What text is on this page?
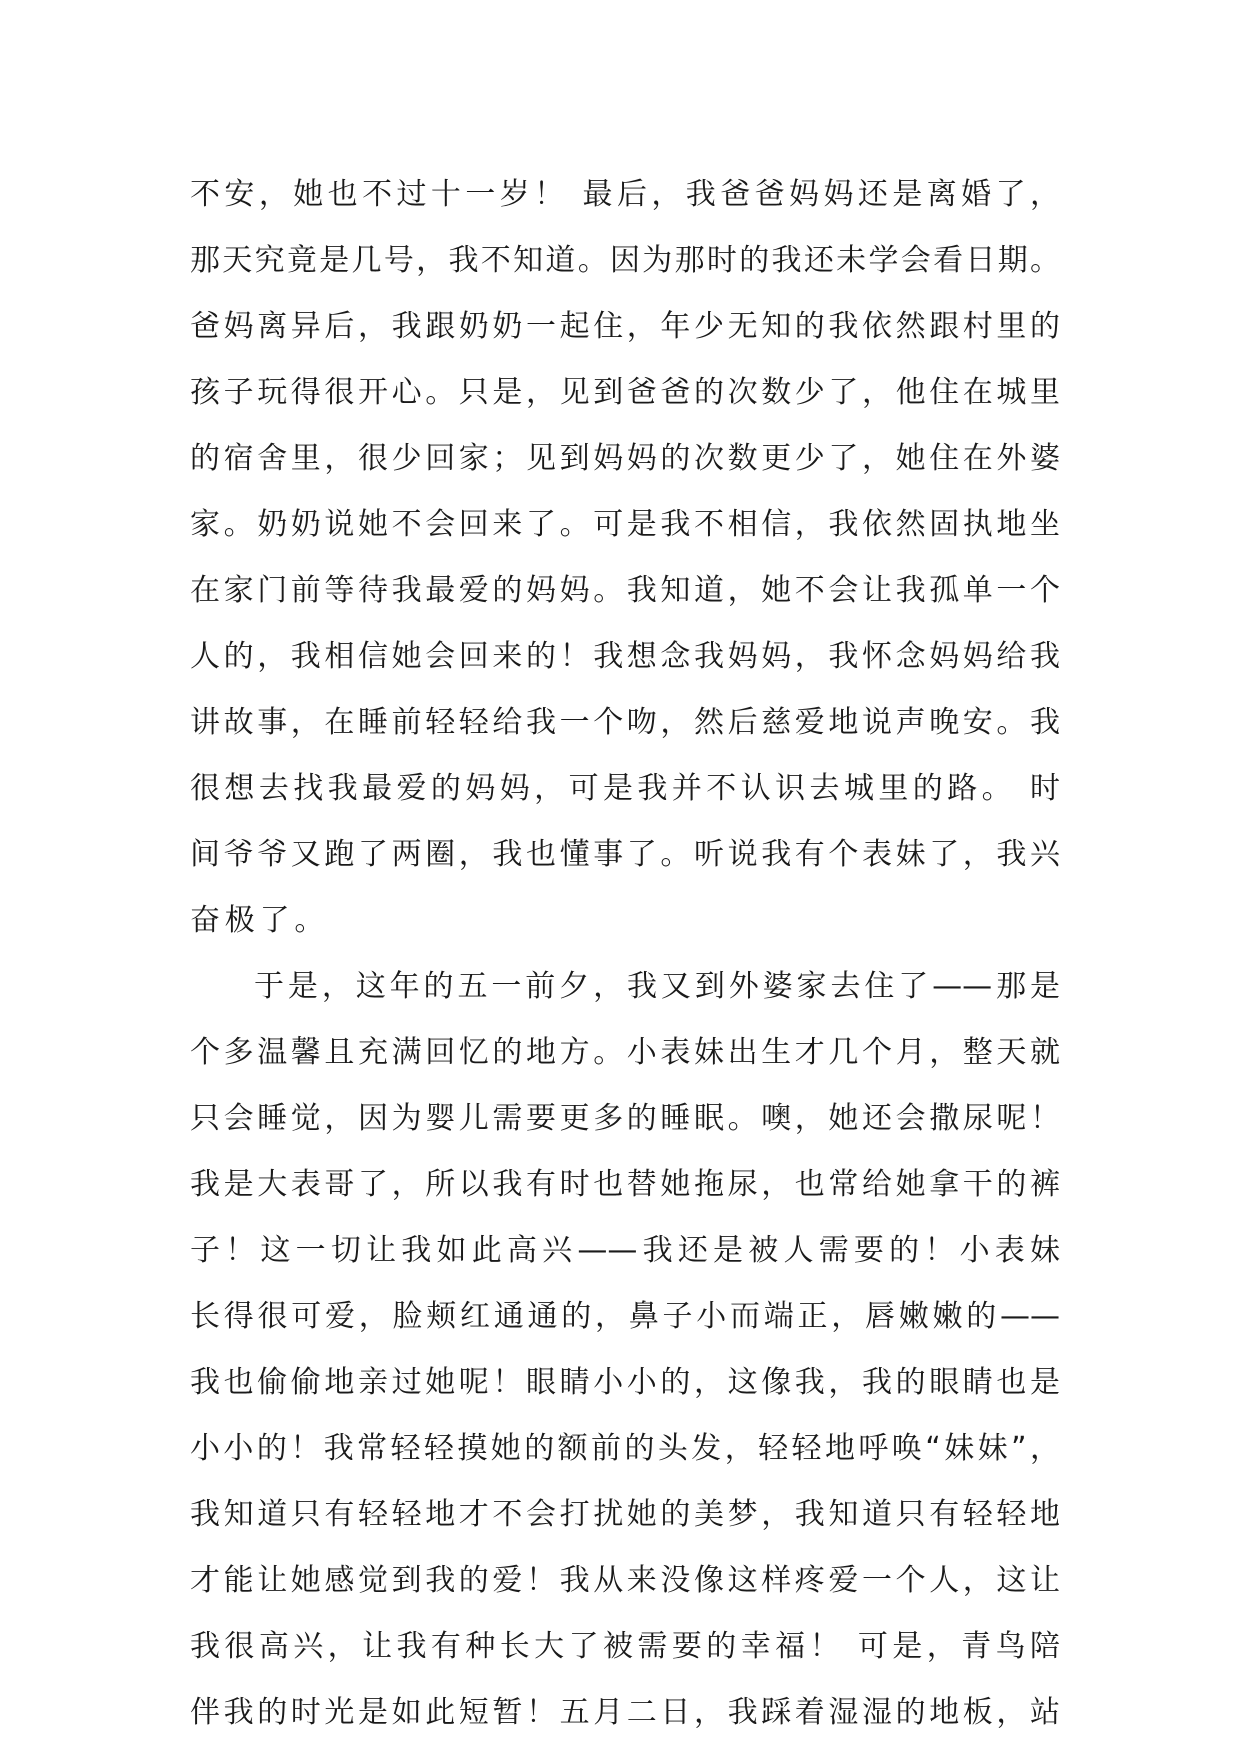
不安，她也不过十一岁！ 最后，我爸爸妈妈还是离婚了，
那天究竟是几号，我不知道。因为那时的我还未学会看日期。
爸妈离异后，我跟奶奶一起住，年少无知的我依然跟村里的
孩子玩得很开心。只是，见到爸爸的次数少了，他住在城里
的宿舍里，很少回家；见到妈妈的次数更少了，她住在外婆
家。奶奶说她不会回来了。可是我不相信，我依然固执地坐
在家门前等待我最爱的妈妈。我知道，她不会让我孤单一个
人的，我相信她会回来的！我想念我妈妈，我怀念妈妈给我
讲故事，在睡前轻轻给我一个吻，然后慈爱地说声晚安。我
很想去找我最爱的妈妈，可是我并不认识去城里的路。 时
间爷爷又跑了两圈，我也懂事了。听说我有个表妹了，我兴
奋极了。
于是，这年的五一前夕，我又到外婆家去住了——那是
个多温馨且充满回忆的地方。小表妹出生才几个月，整天就
只会睡觉，因为婴儿需要更多的睡眠。噢，她还会撒尿呢！
我是大表哥了，所以我有时也替她拖尿，也常给她拿干的裤
子！这一切让我如此高兴——我还是被人需要的！小表妹
长得很可爱，脸颊红通通的，鼻子小而端正，唇嫩嫩的——
我也偷偷地亲过她呢！眼睛小小的，这像我，我的眼睛也是
小小的！我常轻轻摸她的额前的头发，轻轻地呼唤“妹妹”，
我知道只有轻轻地才不会打扰她的美梦，我知道只有轻轻地
才能让她感觉到我的爱！我从来没像这样疼爱一个人，这让
我很高兴，让我有种长大了被需要的幸福！ 可是，青鸟陪
伴我的时光是如此短暂！五月二日，我踩着湿湿的地板，站
